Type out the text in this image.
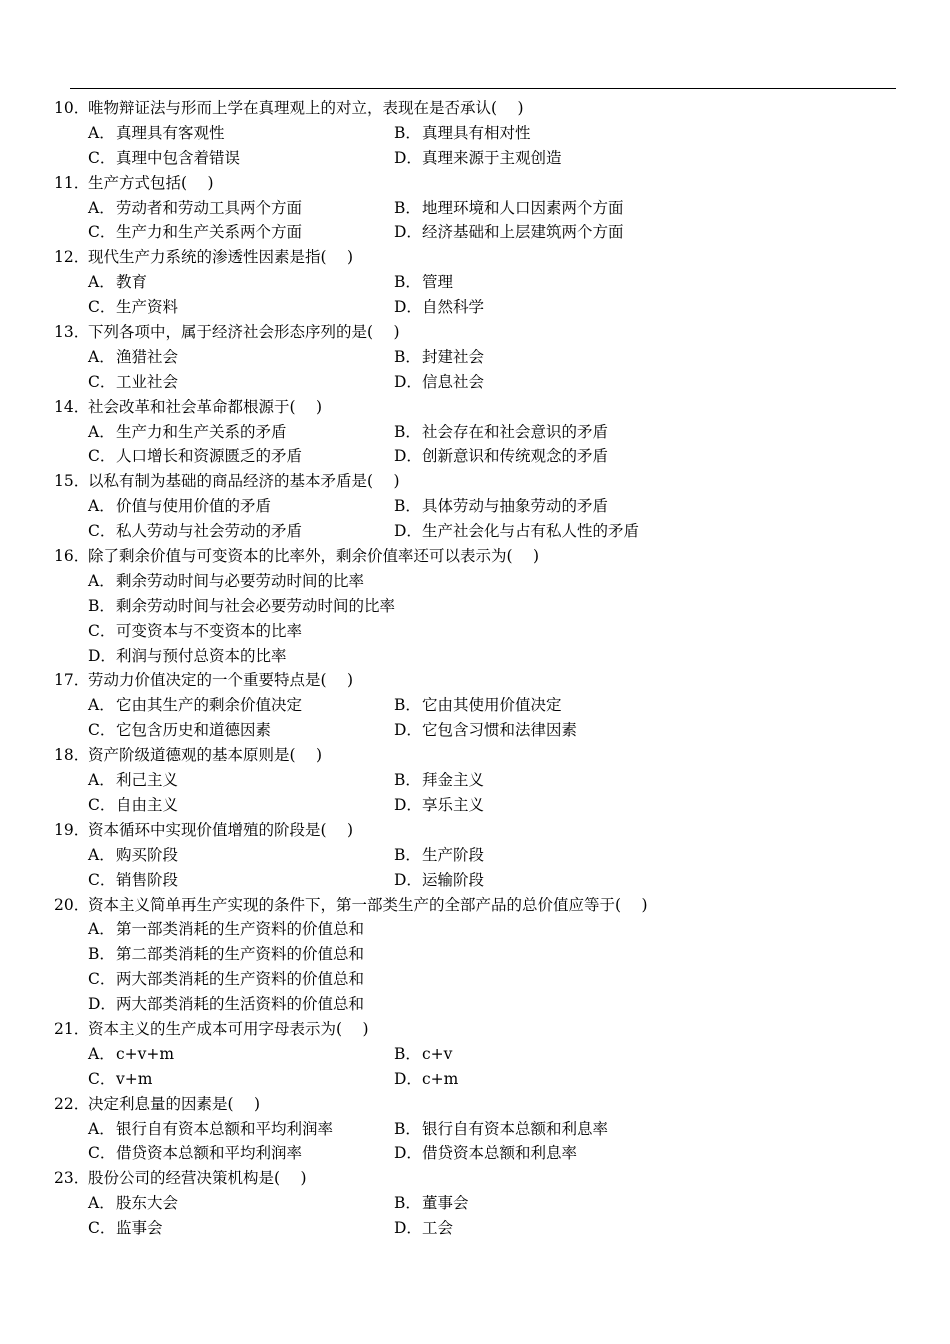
10．唯物辩证法与形而上学在真理观上的对立，表现在是否承认(　 )
A．真理具有客观性	B．真理具有相对性
C．真理中包含着错误	D．真理来源于主观创造
11．生产方式包括(　 )
A．劳动者和劳动工具两个方面	B．地理环境和人口因素两个方面
C．生产力和生产关系两个方面	D．经济基础和上层建筑两个方面
12．现代生产力系统的渗透性因素是指(　 )
A．教育	B．管理
C．生产资料	D．自然科学
13．下列各项中，属于经济社会形态序列的是(　 )
A．渔猎社会	B．封建社会
C．工业社会	D．信息社会
14．社会改革和社会革命都根源于(　 )
A．生产力和生产关系的矛盾	B．社会存在和社会意识的矛盾
C．人口增长和资源匮乏的矛盾	D．创新意识和传统观念的矛盾
15．以私有制为基础的商品经济的基本矛盾是(　 )
A．价值与使用价值的矛盾	B．具体劳动与抽象劳动的矛盾
C．私人劳动与社会劳动的矛盾	D．生产社会化与占有私人性的矛盾
16．除了剩余价值与可变资本的比率外，剩余价值率还可以表示为(　 )
A．剩余劳动时间与必要劳动时间的比率
B．剩余劳动时间与社会必要劳动时间的比率
C．可变资本与不变资本的比率
D．利润与预付总资本的比率
17．劳动力价值决定的一个重要特点是(　 )
A．它由其生产的剩余价值决定	B．它由其使用价值决定
C．它包含历史和道德因素	D．它包含习惯和法律因素
18．资产阶级道德观的基本原则是(　 )
A．利己主义	B．拜金主义
C．自由主义	D．享乐主义
19．资本循环中实现价值增殖的阶段是(　 )
A．购买阶段	B．生产阶段
C．销售阶段	D．运输阶段
20．资本主义简单再生产实现的条件下，第一部类生产的全部产品的总价值应等于(　 )
A．第一部类消耗的生产资料的价值总和
B．第二部类消耗的生产资料的价值总和
C．两大部类消耗的生产资料的价值总和
D．两大部类消耗的生活资料的价值总和
21．资本主义的生产成本可用字母表示为(　 )
A．c+v+m	B．c+v
C．v+m	D．c+m
22．决定利息量的因素是(　 )
A．银行自有资本总额和平均利润率	B．银行自有资本总额和利息率
C．借贷资本总额和平均利润率	D．借贷资本总额和利息率
23．股份公司的经营决策机构是(　 )
A．股东大会	B．董事会
C．监事会	D．工会
